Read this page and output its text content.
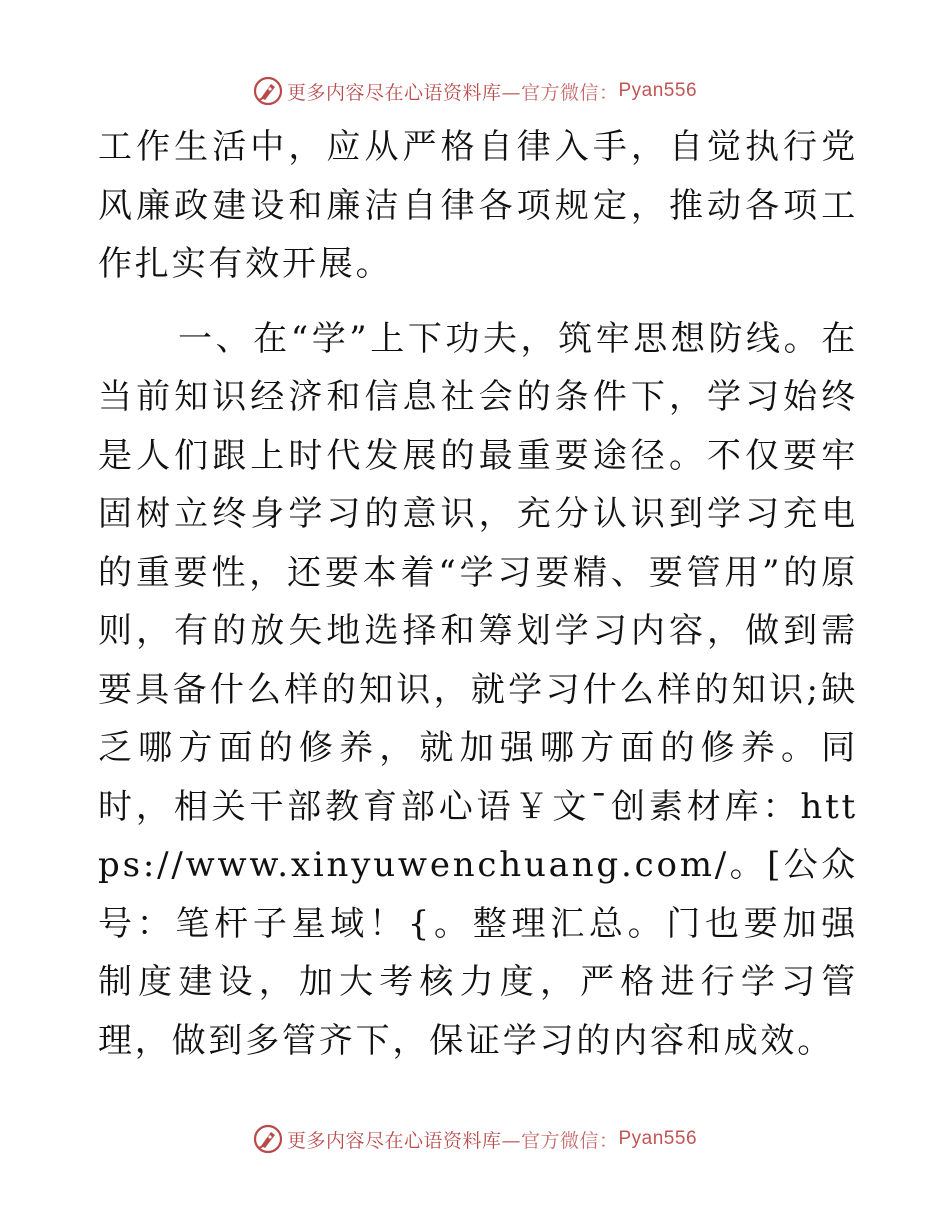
更多内容尽在心语资料库 —官方微信： Pyan556

工作生活中，应从严格自律入手，自觉执行党风廉政建设和廉洁自律各项规定，推动各项工作扎实有效开展。

一、在“学”上下功夫，筑牢思想防线。在当前知识经济和信息社会的条件下，学习始终是人们跟上时代发展的最重要途径。不仅要牢固树立终身学习的意识，充分认识到学习充电的重要性，还要本着“学习要精、要管用”的原则，有的放矢地选择和筹划学习内容，做到需要具备什么样的知识，就学习什么样的知识;缺乏哪方面的修养，就加强哪方面的修养。同时，相关干部教育部心语￥文¯创素材库：https://www.xinyuwenchuang.com/。[公众号：笔杆子星域！{。整理汇总。门也要加强制度建设，加大考核力度，严格进行学习管理，做到多管齐下，保证学习的内容和成效。

更多内容尽在心语资料库 —官方微信： Pyan556
